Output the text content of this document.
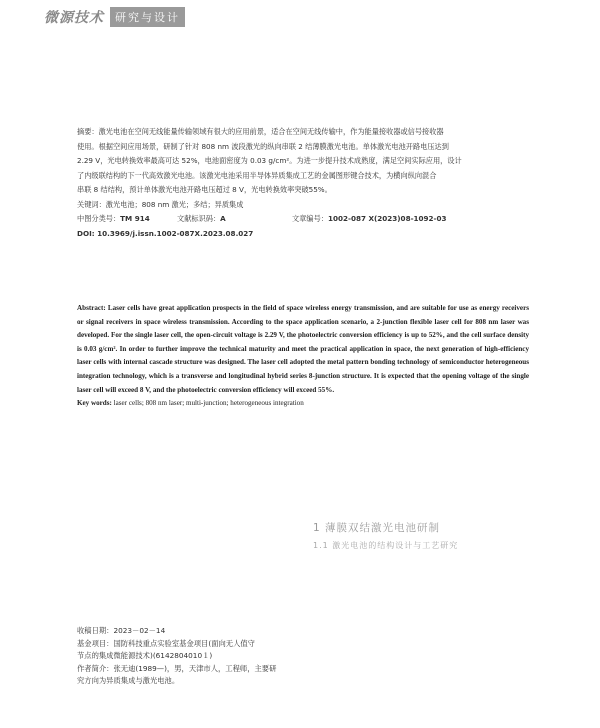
微源技术	研究与设计

摘要：激光电池在空间无线能量传输领域有很大的应用前景，适合在空间无线传输中，作为能量接收器或信号接收器

使用。根据空间应用场景，研制了针对 808 nm 波段激光的纵向串联 2 结薄膜激光电池。单体激光电池开路电压达到

2.29 V，光电转换效率最高可达 52%，电池面密度为 0.03 g/cm²。为进一步提升技术成熟度，满足空间实际应用，设计

了内级联结构的下一代高效激光电池。该激光电池采用半导体异质集成工艺的金属图形键合技术，为横向纵向混合

串联 8 结结构，预计单体激光电池开路电压超过 8 V，光电转换效率突破55%。

关键词：激光电池；808 nm 激光；多结；异质集成

中图分类号：TM 914	文献标识码：A	文章编号：1002-087 X(2023)08-1092-03

DOI: 10.3969/j.issn.1002-087X.2023.08.027

Abstract: Laser cells have great application prospects in the field of space wireless energy transmission, and are suitable for use as energy receivers or signal receivers in space wireless transmission. According to the space application scenario, a 2-junction flexible laser cell for 808 nm laser was developed. For the single laser cell, the open-circuit voltage is 2.29 V, the photoelectric conversion efficiency is up to 52%, and the cell surface density is 0.03 g/cm². In order to further improve the technical maturity and meet the practical application in space, the next generation of high-efficiency laser cells with internal cascade structure was designed. The laser cell adopted the metal pattern bonding technology of semiconductor heterogeneous integration technology, which is a transverse and longitudinal hybrid series 8-junction structure. It is expected that the opening voltage of the single laser cell will exceed 8 V, and the photoelectric conversion efficiency will exceed 55%.

Key words: laser cells; 808 nm laser; multi-junction; heterogeneous integration

1 薄膜双结激光电池研制
1.1 激光电池的结构设计与工艺研究

收稿日期：2023－02－14

基金项目：国防科技重点实验室基金项目(面向无人值守

节点的集成微能源技术)(6142804010１)

作者简介：张无迪(1989—)，男，天津市人，工程师，主要研

究方向为异质集成与激光电池。
